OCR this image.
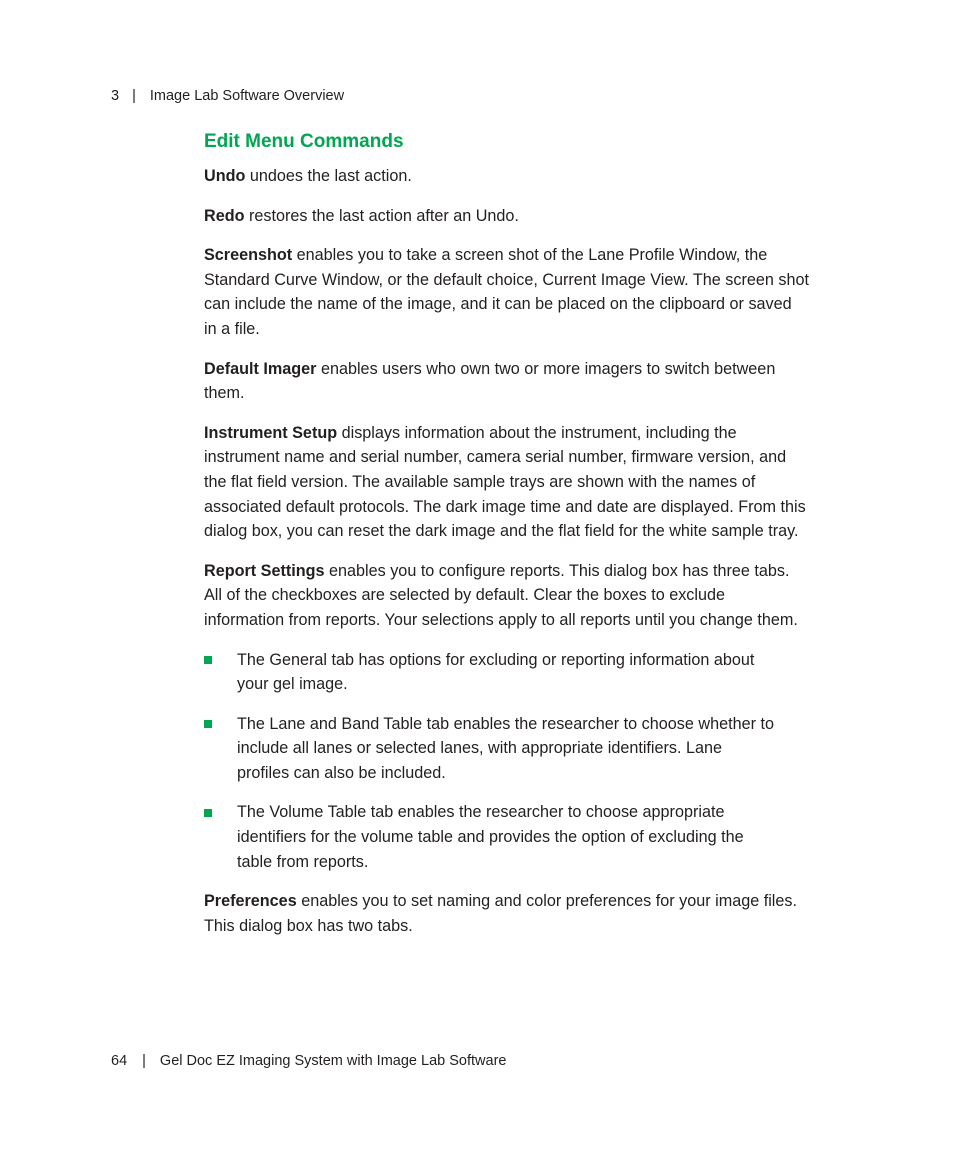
3 | Image Lab Software Overview
Edit Menu Commands

Undo undoes the last action.

Redo restores the last action after an Undo.

Screenshot enables you to take a screen shot of the Lane Profile Window, the
Standard Curve Window, or the default choice, Current Image View. The screen shot
can include the name of the image, and it can be placed on the clipboard or saved
in a file.

Default Imager enables users who own two or more imagers to switch between
them.

Instrument Setup displays information about the instrument, including the
instrument name and serial number, camera serial number, firmware version, and
the flat field version. The available sample trays are shown with the names of
associated default protocols. The dark image time and date are displayed. From this
dialog box, you can reset the dark image and the flat field for the white sample tray.

Report Settings enables you to configure reports. This dialog box has three tabs.
All of the checkboxes are selected by default. Clear the boxes to exclude
information from reports. Your selections apply to all reports until you change them.

The General tab has options for excluding or reporting information about
your gel image.
The Lane and Band Table tab enables the researcher to choose whether to
include all lanes or selected lanes, with appropriate identifiers. Lane
profiles can also be included.
The Volume Table tab enables the researcher to choose appropriate
identifiers for the volume table and provides the option of excluding the
table from reports.

Preferences enables you to set naming and color preferences for your image files.
This dialog box has two tabs.

64 | Gel Doc EZ Imaging System with Image Lab Software
